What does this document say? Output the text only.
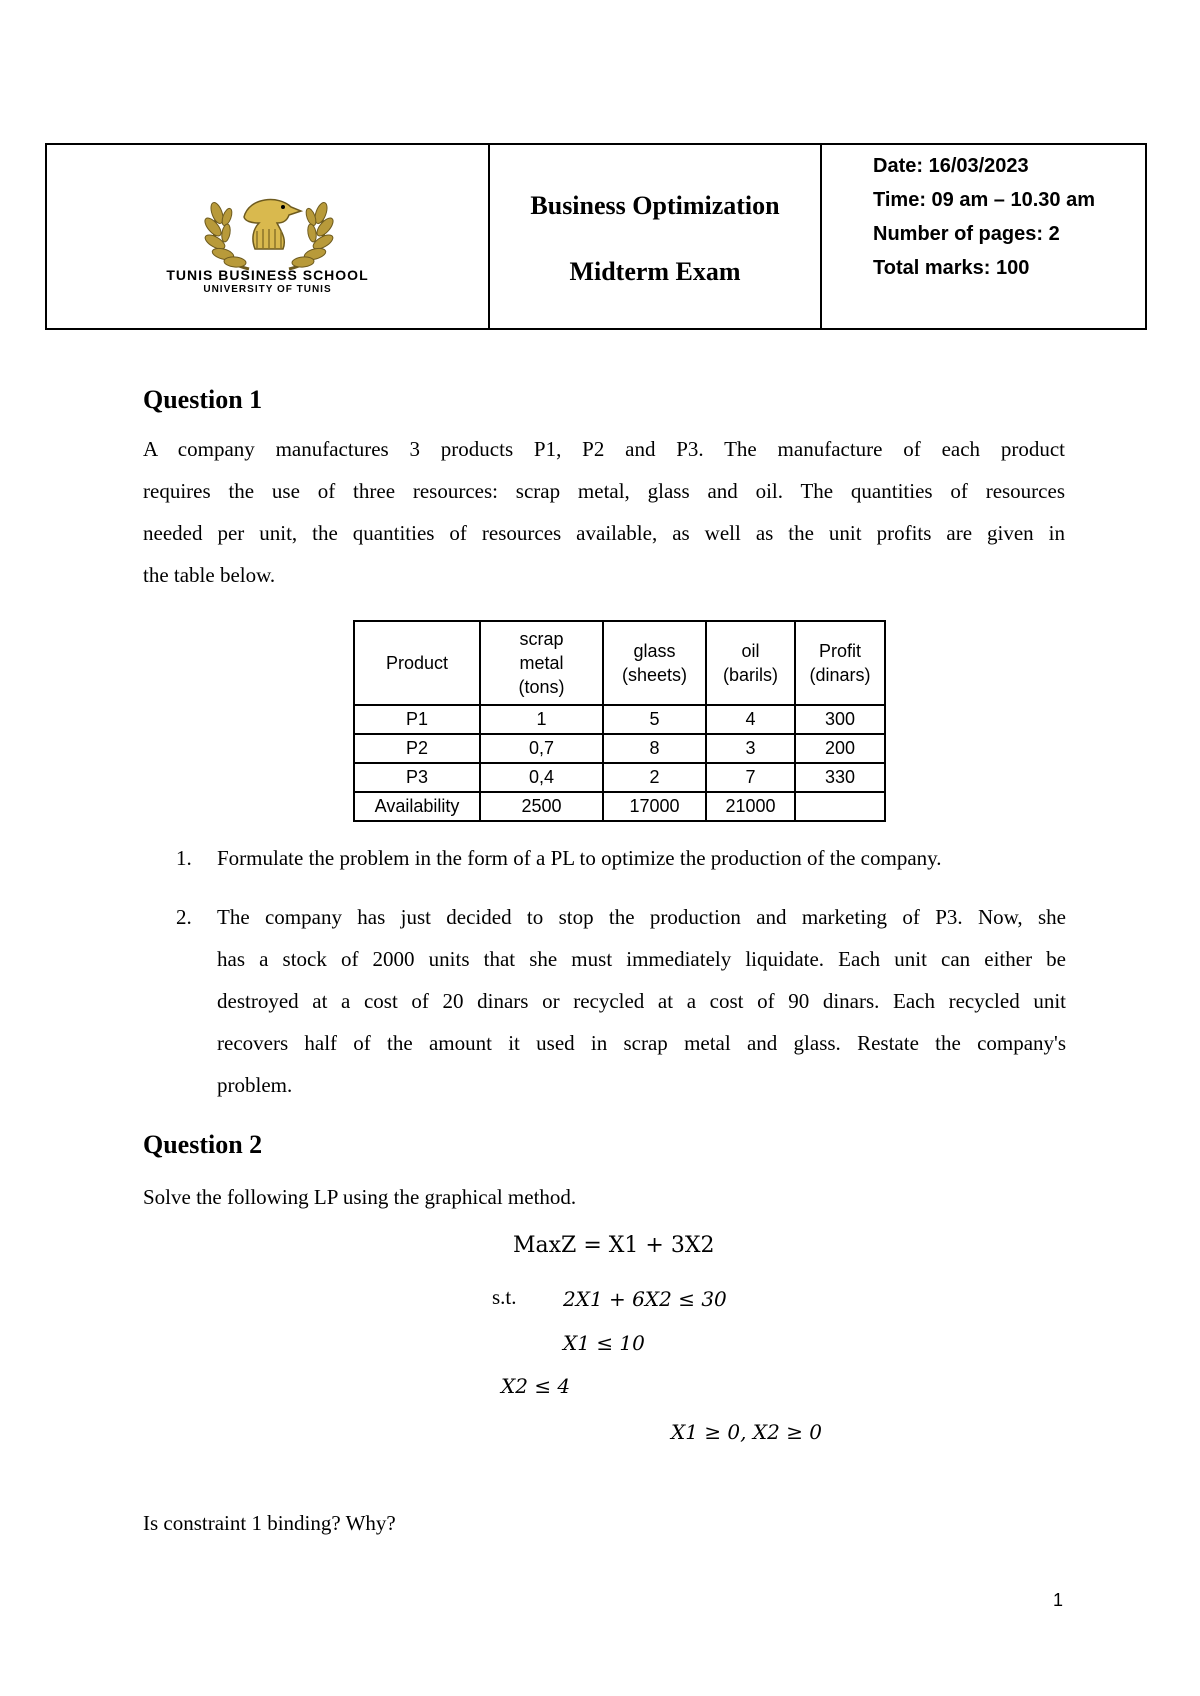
TUNIS BUSINESS SCHOOL
UNIVERSITY OF TUNIS
Business Optimization
Midterm Exam
Date: 16/03/2023
Time: 09 am – 10.30 am
Number of pages: 2
Total marks: 100
Question 1
A company manufactures 3 products P1, P2 and P3. The manufacture of each product
requires the use of three resources: scrap metal, glass and oil. The quantities of resources
needed per unit, the quantities of resources available, as well as the unit profits are given in
the table below.
Product	scrap metal (tons)	glass (sheets)	oil (barils)	Profit (dinars)

P1	1	5	4	300
P2	0,7	8	3	200
P3	0,4	2	7	330
Availability	2500	17000	21000	
1.	Formulate the problem in the form of a PL to optimize the production of the company.
2.	The company has just decided to stop the production and marketing of P3. Now, she
has a stock of 2000 units that she must immediately liquidate. Each unit can either be
destroyed at a cost of 20 dinars or recycled at a cost of 90 dinars. Each recycled unit
recovers half of the amount it used in scrap metal and glass. Restate the company's
problem.
Question 2
Solve the following LP using the graphical method.
MaxZ = X1 + 3X2
s.t. 2X1 + 6X2 ≤ 30
X1 ≤ 10
X2 ≤ 4
X1 ≥ 0, X2 ≥ 0
Is constraint 1 binding? Why?
1
